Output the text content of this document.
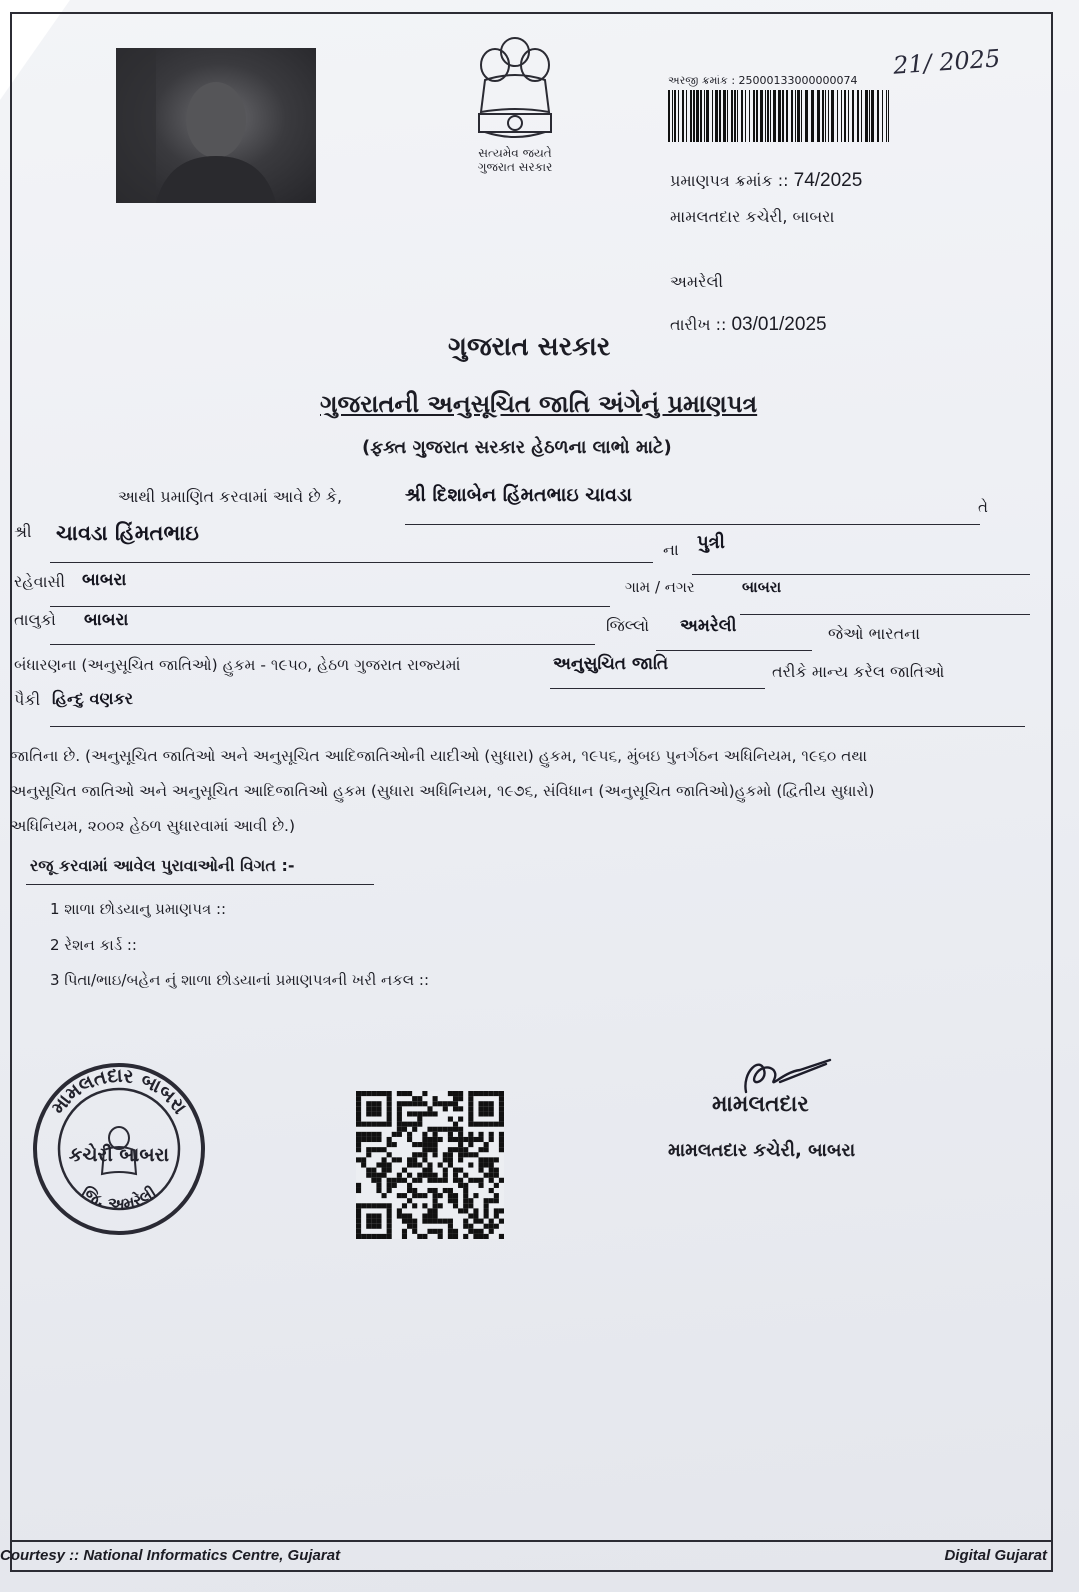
સત્યમેવ જયતે
ગુજરાત સરકાર
અરજી ક્રમાંક : 25000133000000074
21/ 2025
પ્રમાણપત્ર ક્રમાંક :: 74/2025
મામલતદાર કચેરી, બાબરા
અમરેલી
તારીખ :: 03/01/2025
ગુજરાત સરકાર
ગુજરાતની અનુસૂચિત જાતિ અંગેનું પ્રમાણપત્ર
(ફક્ત ગુજરાત સરકાર હેઠળના લાભો માટે)
આથી પ્રમાણિત કરવામાં આવે છે કે,	શ્રી દિશાબેન હિંમતભાઇ ચાવડા
તે
શ્રી ચાવડા હિંમતભાઇ
ના પુત્રી
રહેવાસી બાબરા	ગામ / નગર	બાબરા
તાલુકો બાબરા	જિલ્લો અમરેલી	જેઓ ભારતના
બંધારણના (અનુસૂચિત જાતિઓ) હુકમ - ૧૯૫૦, હેઠળ ગુજરાત રાજ્યમાં	અનુસુચિત જાતિ	તરીકે માન્ય કરેલ જાતિઓ
પૈકી હિન્દુ વણકર
જાતિના છે. (અનુસૂચિત જાતિઓ અને અનુસૂચિત આદિજાતિઓની યાદીઓ (સુધારા) હુકમ, ૧૯૫૬, મુંબઇ પુનર્ગઠન અધિનિયમ, ૧૯૬૦ તથા
અનુસૂચિત જાતિઓ અને અનુસૂચિત આદિજાતિઓ હુકમ (સુધારા અધિનિયમ, ૧૯૭૬, સંવિધાન (અનુસૂચિત જાતિઓ)હુકમો (દ્વિતીય સુધારો)
અધિનિયમ, ૨૦૦૨ હેઠળ સુધારવામાં આવી છે.)
રજૂ કરવામાં આવેલ પુરાવાઓની વિગત :-
1 શાળા છોડયાનુ પ્રમાણપત્ર ::
2 રેશન કાર્ડ ::
3 પિતા/ભાઇ/બહેન નું શાળા છોડયાનાં પ્રમાણપત્રની ખરી નકલ ::
મામલતદાર બાબરા
જિ. અમરેલી
કચેરી બાબરા
મામલતદાર
મામલતદાર કચેરી, બાબરા
Courtesy :: National Informatics Centre, Gujarat	Digital Gujarat
